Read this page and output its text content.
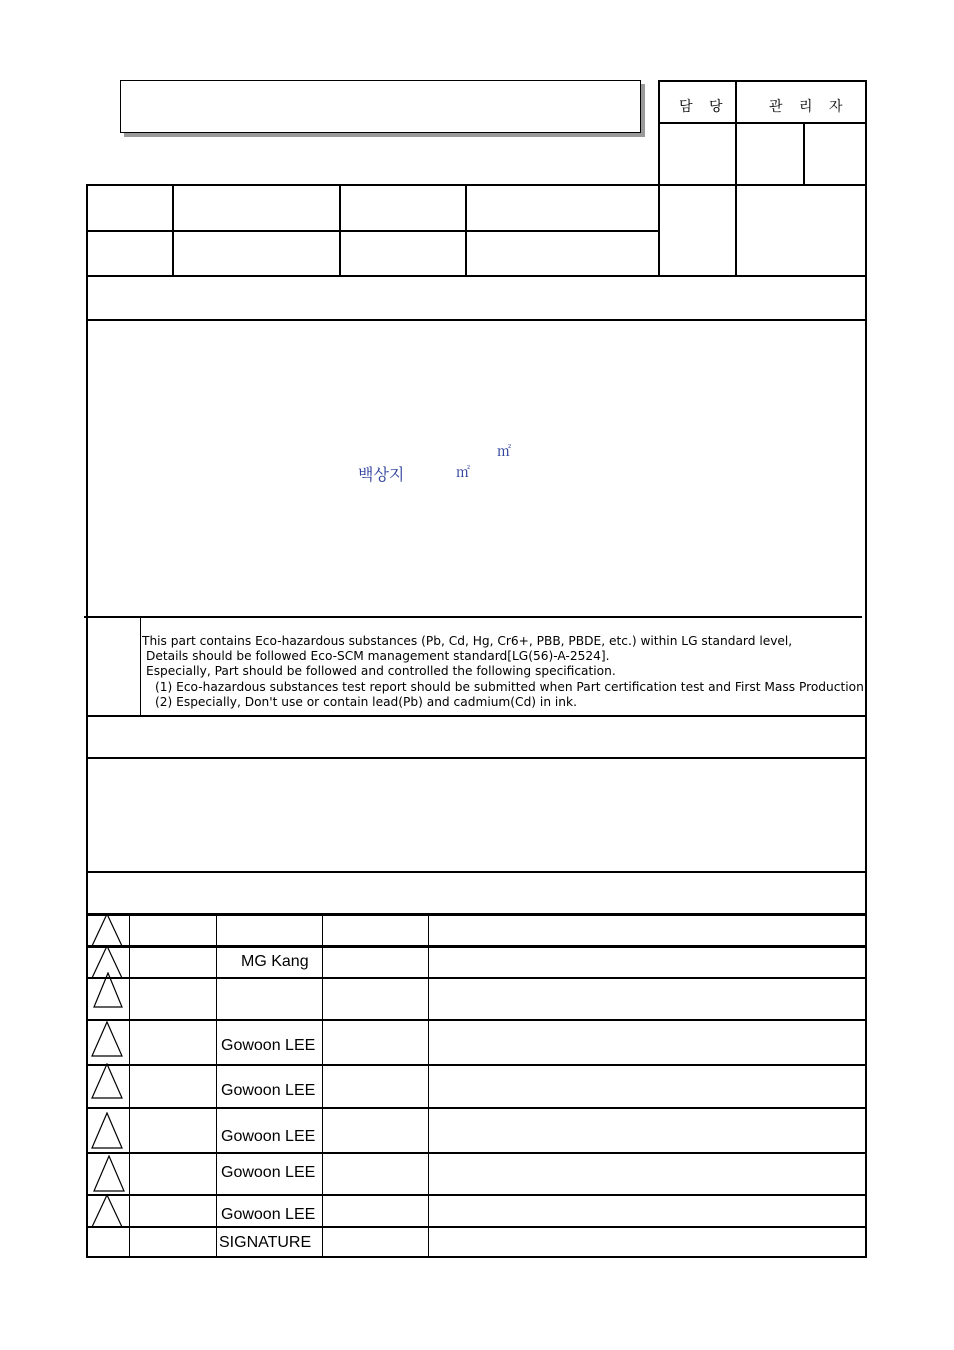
담 당	관 리 자
㎡
백상지	㎡
This part contains Eco-hazardous substances (Pb, Cd, Hg, Cr6+, PBB, PBDE, etc.) within LG standard level,
Details should be followed Eco-SCM management standard[LG(56)-A-2524].
Especially, Part should be followed and controlled the following specification.
(1) Eco-hazardous substances test report should be submitted when Part certification test and First Mass Production.
(2) Especially, Don't use or contain lead(Pb) and cadmium(Cd) in ink.
MG Kang
Gowoon LEE
Gowoon LEE
Gowoon LEE
Gowoon LEE
Gowoon LEE
SIGNATURE
